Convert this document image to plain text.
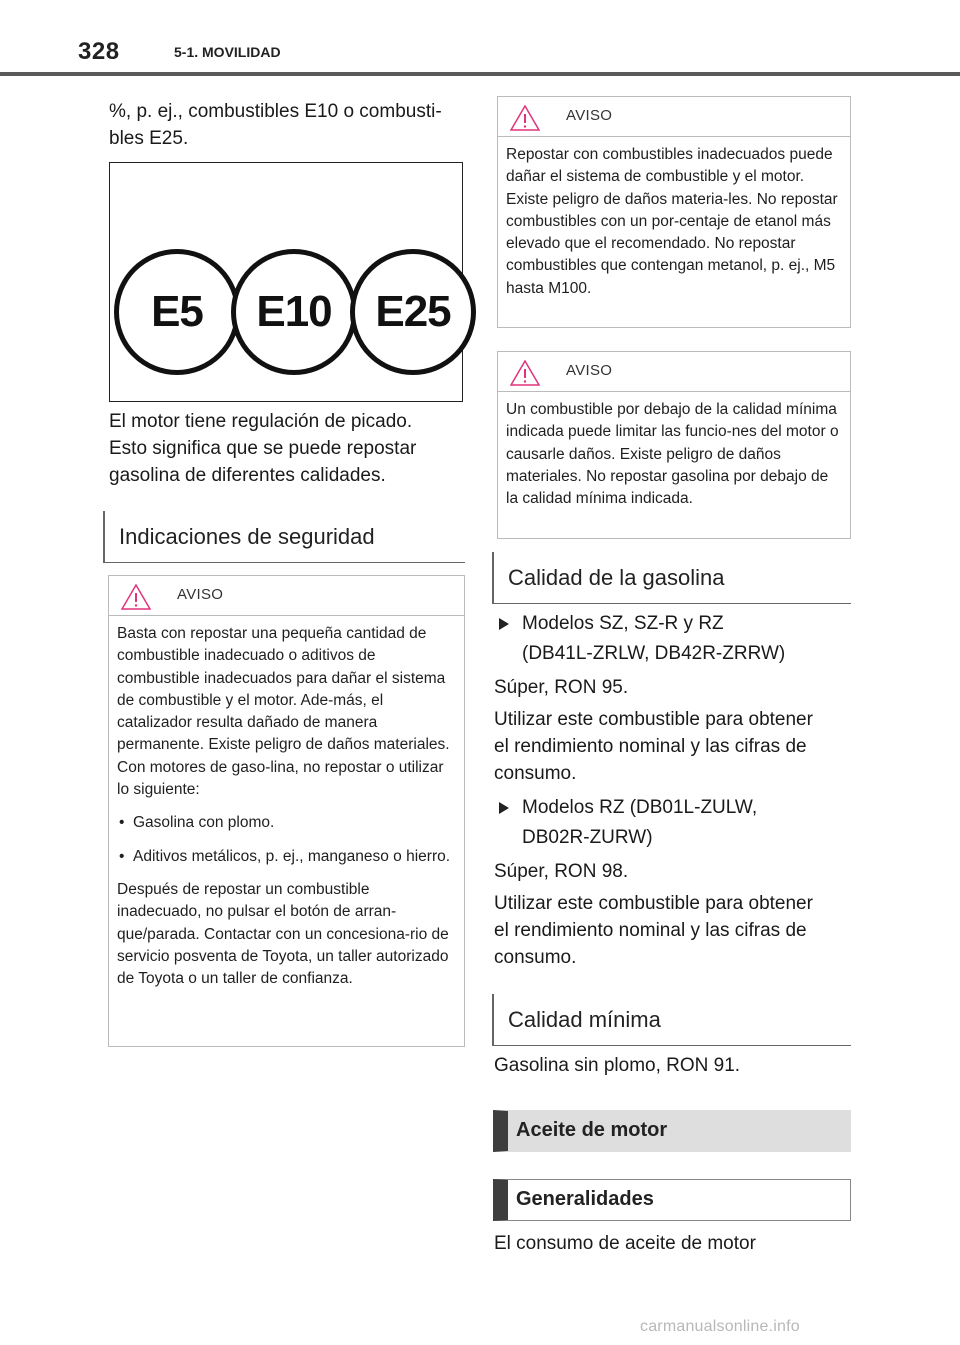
328	5-1. MOVILIDAD
%, p. ej., combustibles E10 o combusti-
bles E25.
E5	E10 E25
El motor tiene regulación de picado.
Esto significa que se puede repostar
gasolina de diferentes calidades.
Indicaciones de seguridad
AVISO

Basta con repostar una pequeña cantidad de combustible inadecuado o aditivos de combustible inadecuados para dañar el sistema de combustible y el motor. Ade-más, el catalizador resulta dañado de manera permanente. Existe peligro de daños materiales. Con motores de gaso-lina, no repostar o utilizar lo siguiente:

• Gasolina con plomo.

• Aditivos metálicos, p. ej., manganeso o hierro.

Después de repostar un combustible inadecuado, no pulsar el botón de arran-que/parada. Contactar con un concesiona-rio de servicio posventa de Toyota, un taller autorizado de Toyota o un taller de confianza.

AVISO

Repostar con combustibles inadecuados puede dañar el sistema de combustible y el motor. Existe peligro de daños materia-les. No repostar combustibles con un por-centaje de etanol más elevado que el recomendado. No repostar combustibles que contengan metanol, p. ej., M5 hasta M100.

AVISO

Un combustible por debajo de la calidad mínima indicada puede limitar las funcio-nes del motor o causarle daños. Existe peligro de daños materiales. No repostar gasolina por debajo de la calidad mínima indicada.

Calidad de la gasolina
Modelos SZ, SZ-R y RZ
(DB41L-ZRLW, DB42R-ZRRW)
Súper, RON 95.
Utilizar este combustible para obtener
el rendimiento nominal y las cifras de
consumo.
Modelos RZ (DB01L-ZULW,
DB02R-ZURW)
Súper, RON 98.
Utilizar este combustible para obtener
el rendimiento nominal y las cifras de
consumo.
Calidad mínima
Gasolina sin plomo, RON 91.
Aceite de motor
Generalidades
El consumo de aceite de motor
carmanualsonline.info
